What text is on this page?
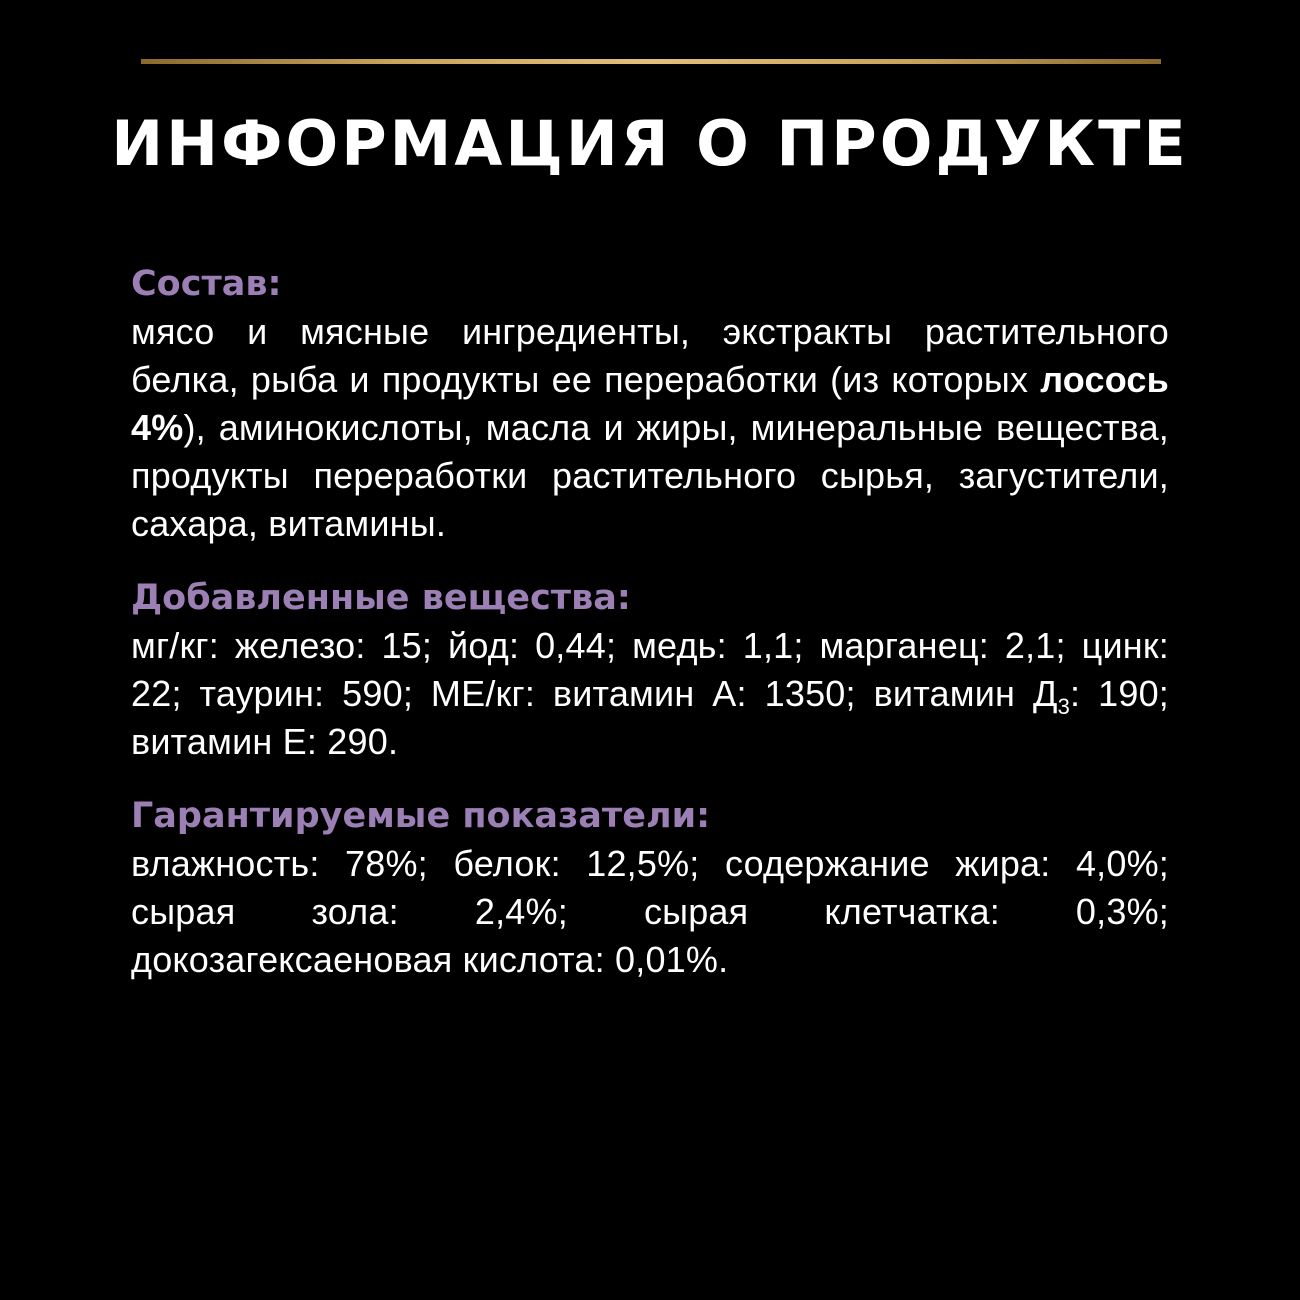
ИНФОРМАЦИЯ О ПРОДУКТЕ
Состав:

мясо и мясные ингредиенты, экстракты растительного белка, рыба и продукты ее переработки (из которых лосось 4%), аминокислоты, масла и жиры, минеральные вещества, продукты переработки растительного сырья, загустители, сахара, витамины.

Добавленные вещества:

мг/кг: железо: 15; йод: 0,44; медь: 1,1; марганец: 2,1; цинк: 22; таурин: 590; МЕ/кг: витамин А: 1350; витамин $Д_3$: 190; витамин Е: 290.

Гарантируемые показатели:

влажность: 78%; белок: 12,5%; содержание жира: 4,0%; сырая зола: 2,4%; сырая клетчатка: 0,3%; докозагексаеновая кислота: 0,01%.
